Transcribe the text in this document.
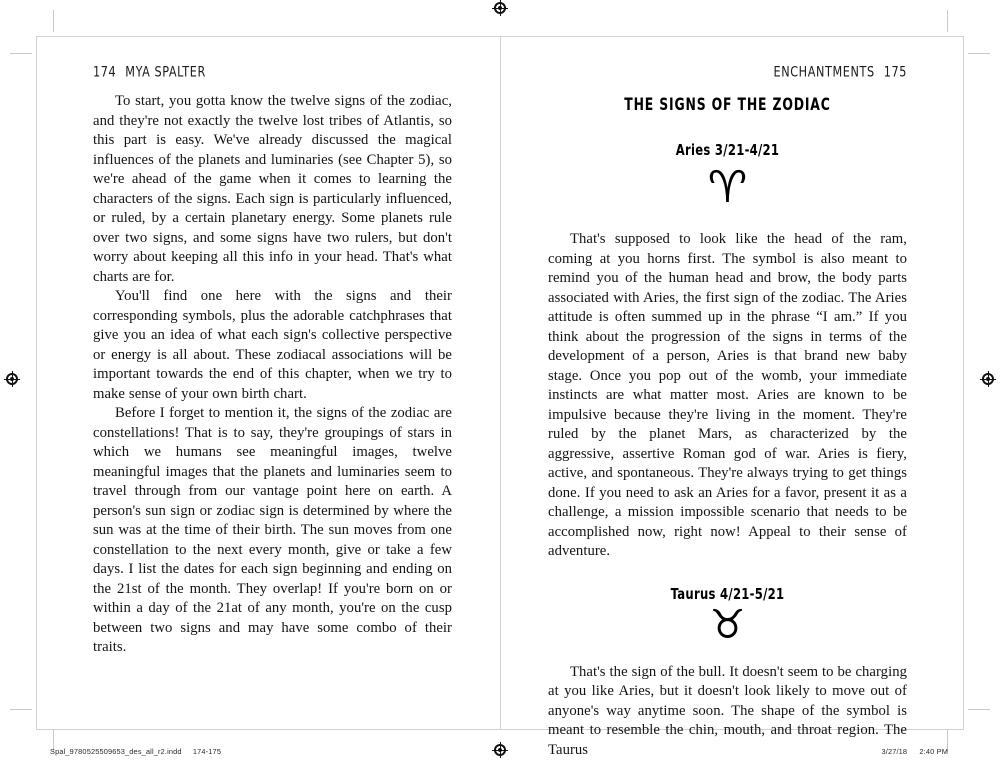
174 MYA SPALTER

To start, you gotta know the twelve signs of the zodiac, and they're not exactly the twelve lost tribes of Atlantis, so this part is easy. We've already discussed the magical influences of the planets and luminaries (see Chapter 5), so we're ahead of the game when it comes to learning the characters of the signs. Each sign is particularly influenced, or ruled, by a certain planetary energy. Some planets rule over two signs, and some signs have two rulers, but don't worry about keeping all this info in your head. That's what charts are for.

You'll find one here with the signs and their corresponding symbols, plus the adorable catchphrases that give you an idea of what each sign's collective perspective or energy is all about. These zodiacal associations will be important towards the end of this chapter, when we try to make sense of your own birth chart.

Before I forget to mention it, the signs of the zodiac are constellations! That is to say, they're groupings of stars in which we humans see meaningful images, twelve meaningful images that the planets and luminaries seem to travel through from our vantage point here on earth. A person's sun sign or zodiac sign is determined by where the sun was at the time of their birth. The sun moves from one constellation to the next every month, give or take a few days. I list the dates for each sign beginning and ending on the 21st of the month. They overlap! If you're born on or within a day of the 21at of any month, you're on the cusp between two signs and may have some combo of their traits.

ENCHANTMENTS 175
THE SIGNS OF THE ZODIAC
Aries 3/21-4/21
♈

That's supposed to look like the head of the ram, coming at you horns first. The symbol is also meant to remind you of the human head and brow, the body parts associated with Aries, the first sign of the zodiac. The Aries attitude is often summed up in the phrase “I am.” If you think about the progression of the signs in terms of the development of a person, Aries is that brand new baby stage. Once you pop out of the womb, your immediate instincts are what matter most. Aries are known to be impulsive because they're living in the moment. They're ruled by the planet Mars, as characterized by the aggressive, assertive Roman god of war. Aries is fiery, active, and spontaneous. They're always trying to get things done. If you need to ask an Aries for a favor, present it as a challenge, a mission impossible scenario that needs to be accomplished now, right now! Appeal to their sense of adventure.

Taurus 4/21-5/21
♉

That's the sign of the bull. It doesn't seem to be charging at you like Aries, but it doesn't look likely to move out of anyone's way anytime soon. The shape of the symbol is meant to resemble the chin, mouth, and throat region. The Taurus

Spal_9780525509653_des_all_r2.indd 174-175	3/27/18 2:40 PM
